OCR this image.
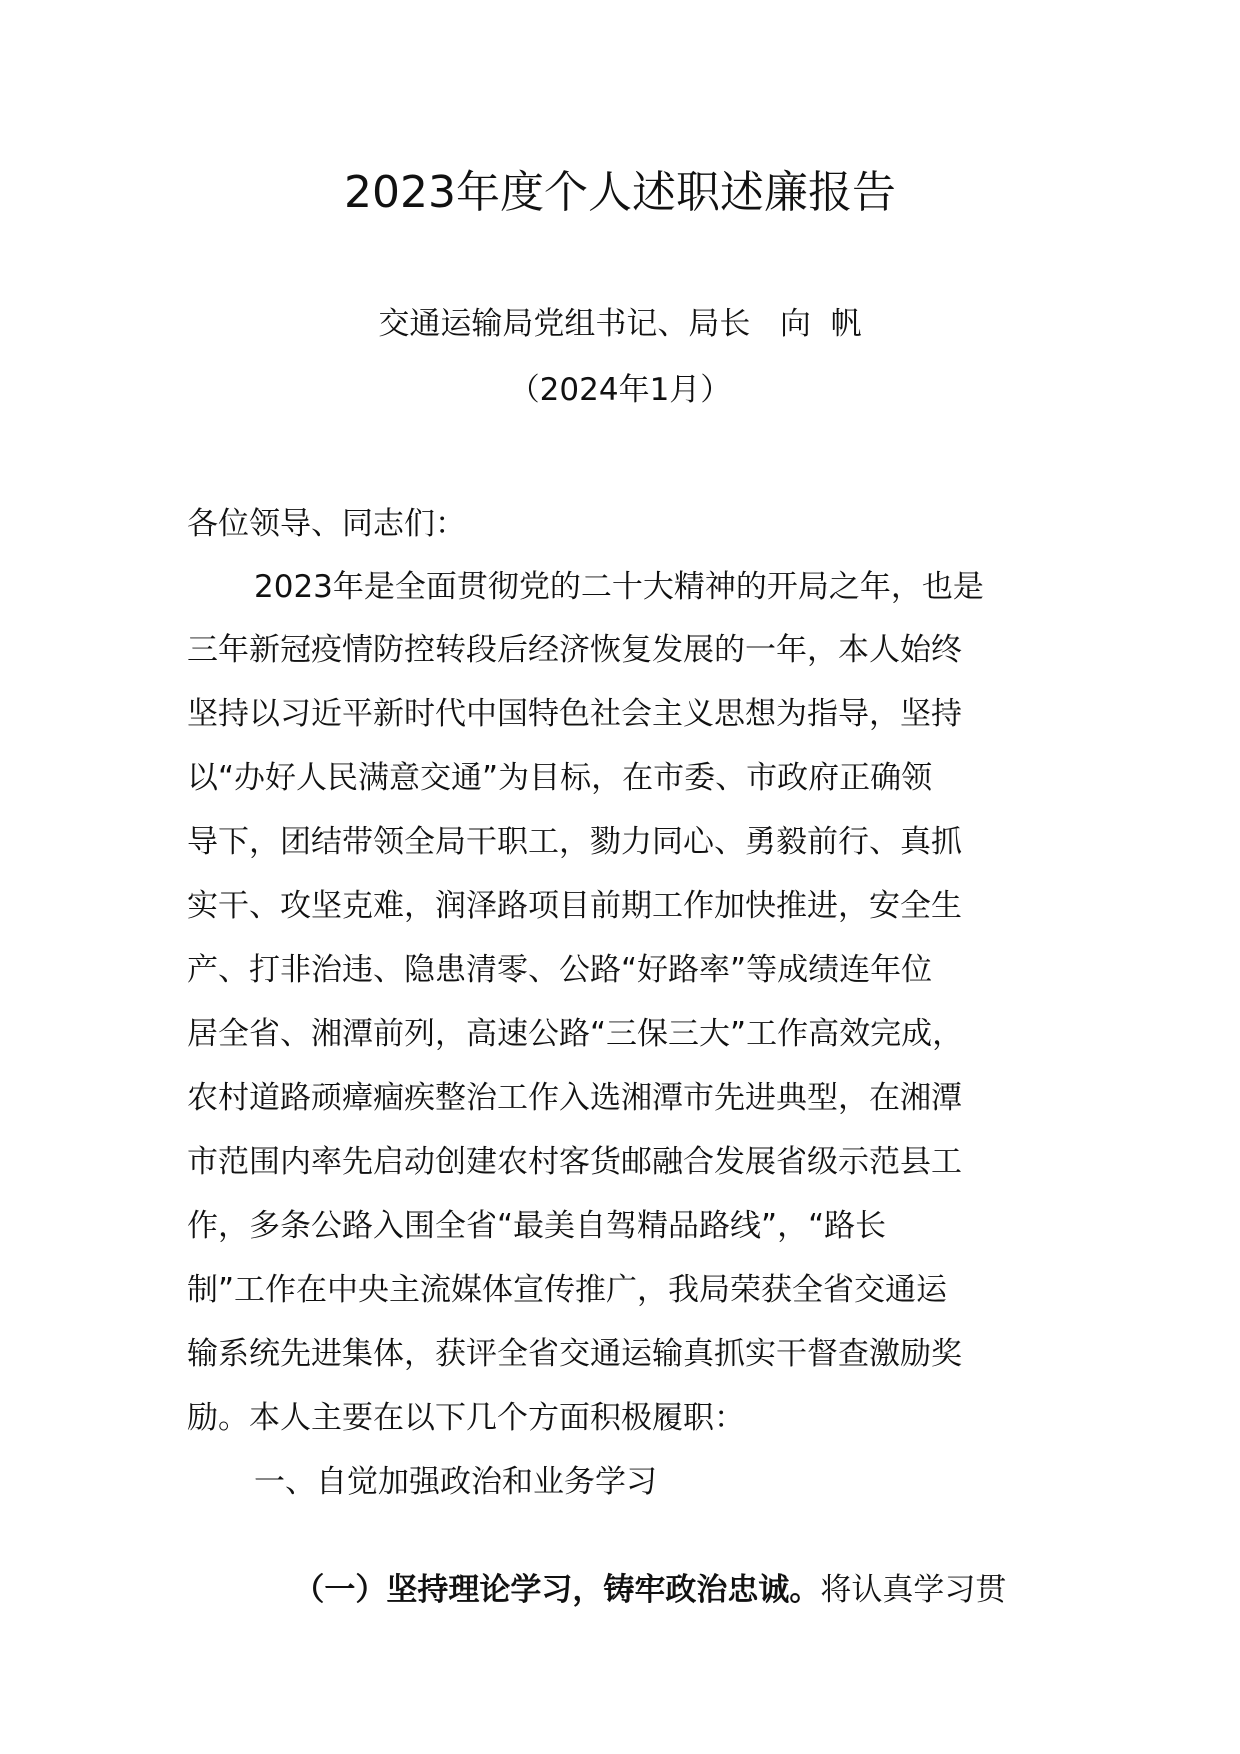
2023年度个人述职述廉报告
交通运输局党组书记、局长   向  帆
（2024年1月）
各位领导、同志们：
2023年是全面贯彻党的二十大精神的开局之年，也是
三年新冠疫情防控转段后经济恢复发展的一年，本人始终
坚持以习近平新时代中国特色社会主义思想为指导，坚持
以“办好人民满意交通”为目标，在市委、市政府正确领
导下，团结带领全局干职工，勠力同心、勇毅前行、真抓
实干、攻坚克难，润泽路项目前期工作加快推进，安全生
产、打非治违、隐患清零、公路“好路率”等成绩连年位
居全省、湘潭前列，高速公路“三保三大”工作高效完成，
农村道路顽瘴痼疾整治工作入选湘潭市先进典型，在湘潭
市范围内率先启动创建农村客货邮融合发展省级示范县工
作，多条公路入围全省“最美自驾精品路线”，“路长
制”工作在中央主流媒体宣传推广，我局荣获全省交通运
输系统先进集体，获评全省交通运输真抓实干督查激励奖
励。本人主要在以下几个方面积极履职：
一、自觉加强政治和业务学习

（一）坚持理论学习，铸牢政治忠诚。将认真学习贯
